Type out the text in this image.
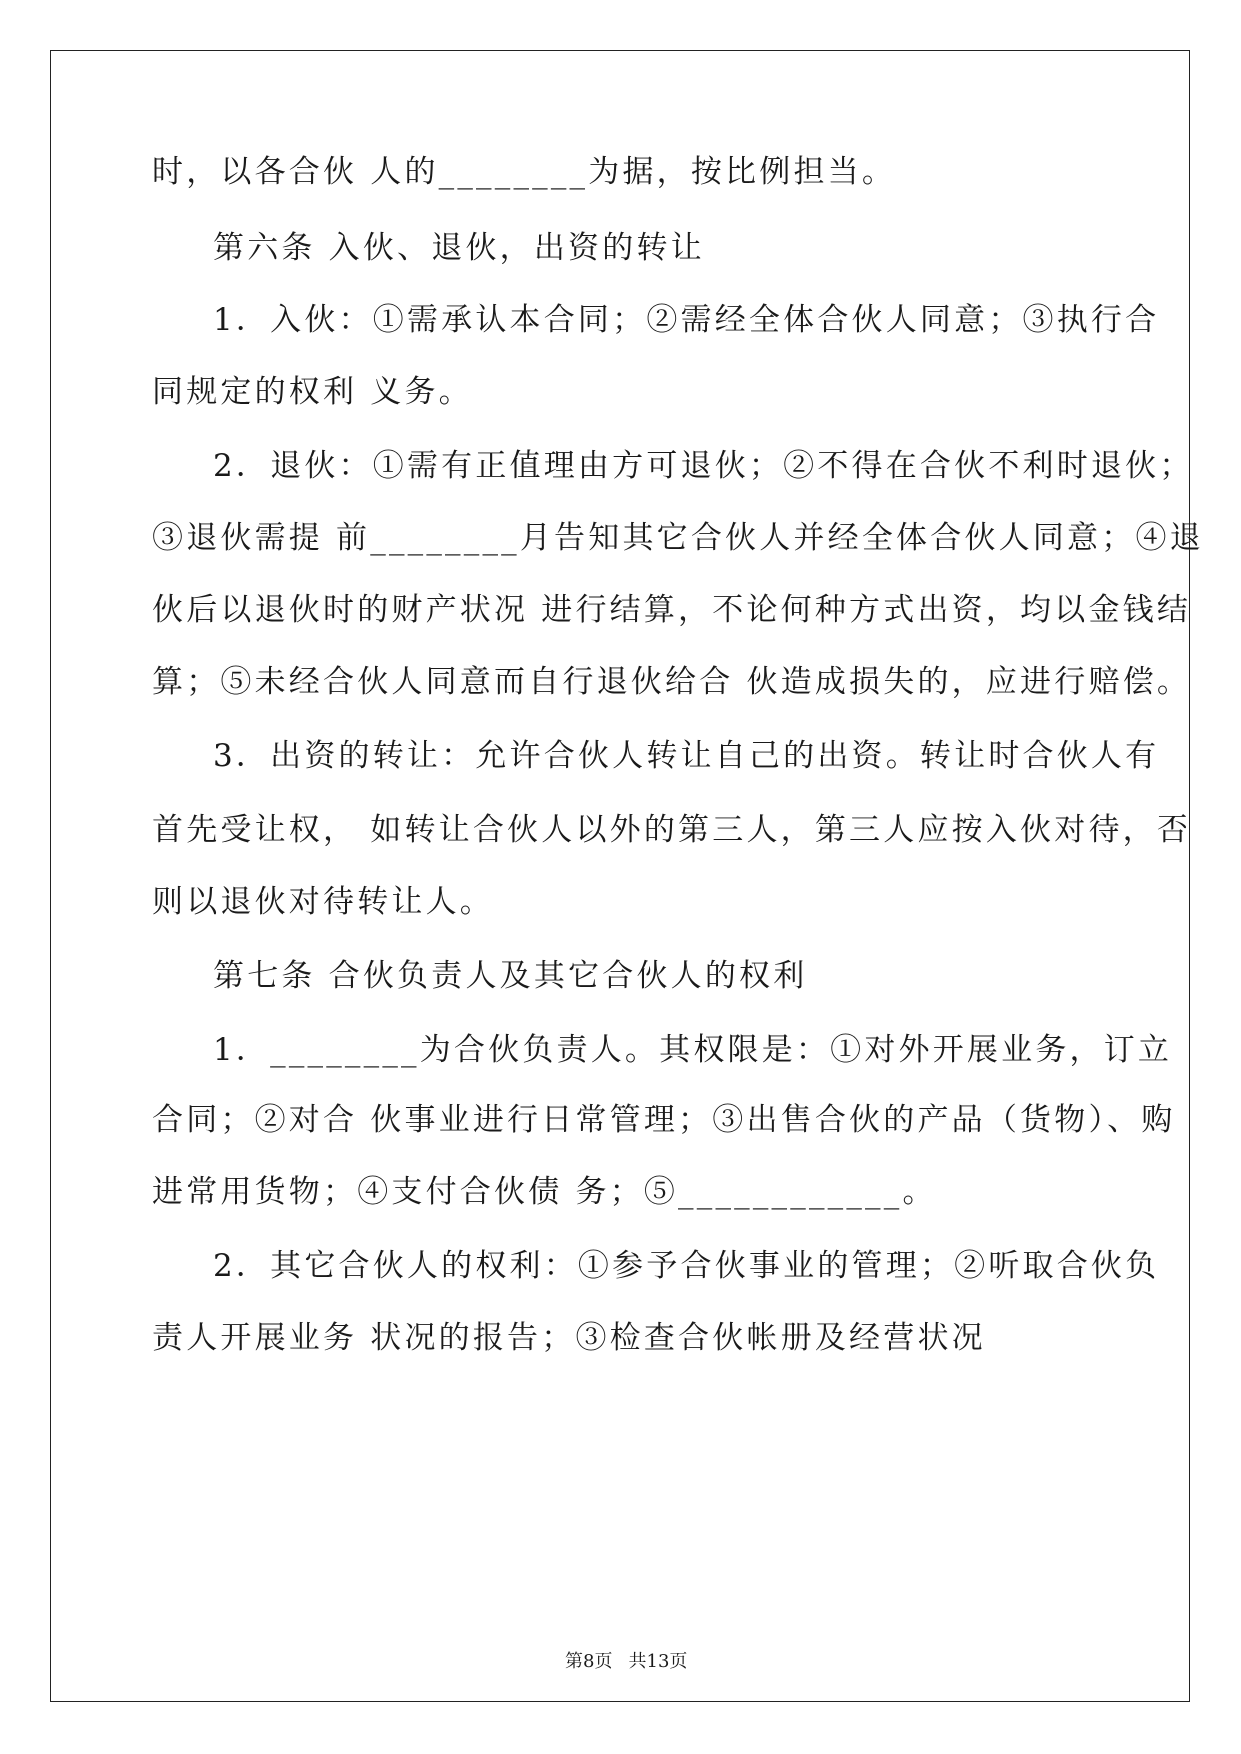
时，以各合伙 人的________为据，按比例担当。
第六条 入伙、退伙，出资的转让
1．入伙：①需承认本合同；②需经全体合伙人同意；③执行合
同规定的权利 义务。
2．退伙：①需有正值理由方可退伙；②不得在合伙不利时退伙；
③退伙需提 前________月告知其它合伙人并经全体合伙人同意；④退
伙后以退伙时的财产状况 进行结算，不论何种方式出资，均以金钱结
算；⑤未经合伙人同意而自行退伙给合 伙造成损失的，应进行赔偿。
3．出资的转让：允许合伙人转让自己的出资。转让时合伙人有
首先受让权， 如转让合伙人以外的第三人，第三人应按入伙对待，否
则以退伙对待转让人。
第七条 合伙负责人及其它合伙人的权利
1．________为合伙负责人。其权限是：①对外开展业务，订立
合同；②对合 伙事业进行日常管理；③出售合伙的产品（货物）、购
进常用货物；④支付合伙债 务；⑤____________。
2．其它合伙人的权利：①参予合伙事业的管理；②听取合伙负
责人开展业务 状况的报告；③检查合伙帐册及经营状况

第8页 共13页
